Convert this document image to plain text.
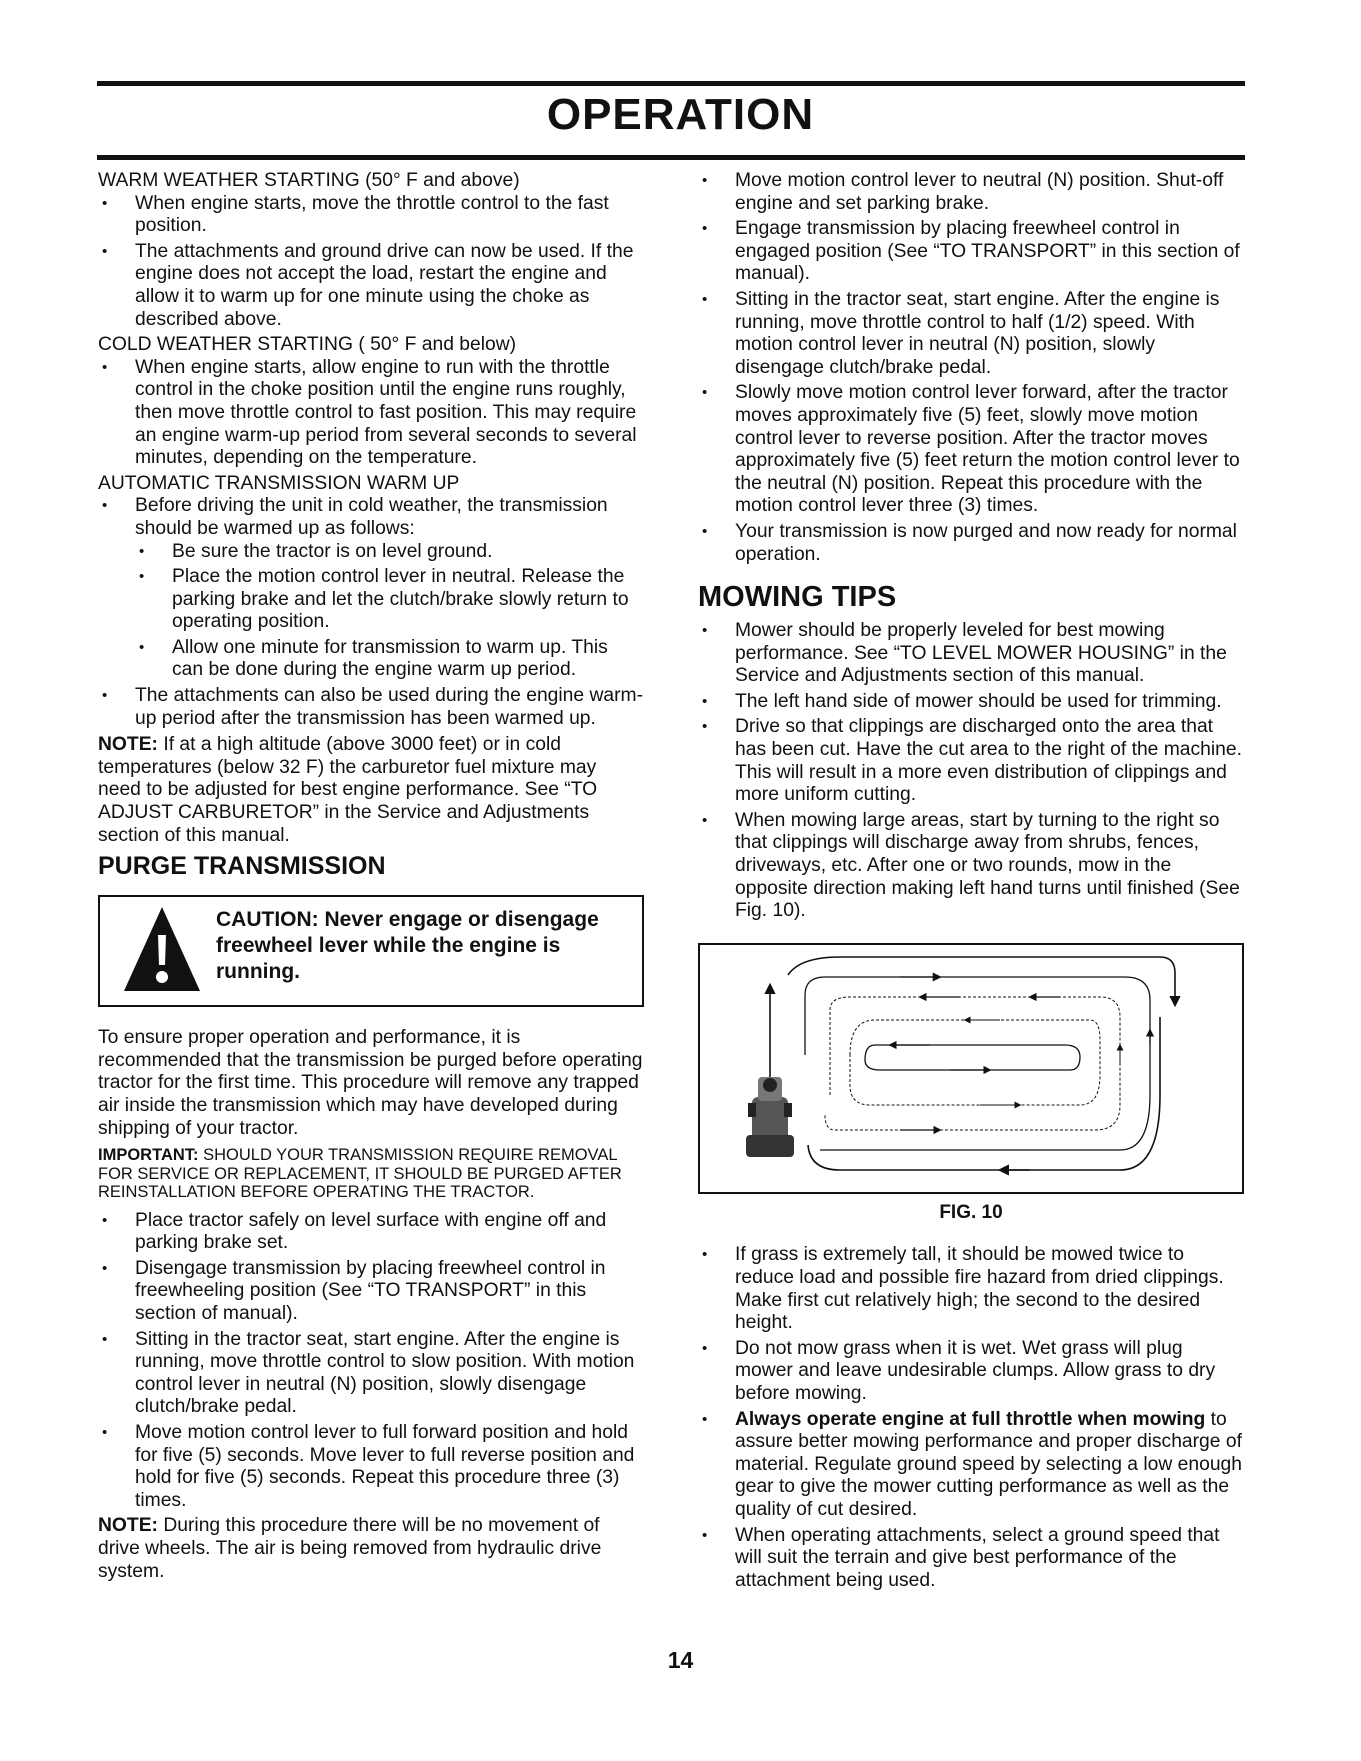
OPERATION

WARM WEATHER STARTING (50° F and above)

• When engine starts, move the throttle control to the fast position.
• The attachments and ground drive can now be used. If the engine does not accept the load, restart the engine and allow it to warm up for one minute using the choke as described above.

COLD WEATHER STARTING ( 50° F and below)

• When engine starts, allow engine to run with the throttle control in the choke position until the engine runs roughly, then move throttle control to fast position. This may require an engine warm-up period from several seconds to several minutes, depending on the temperature.

AUTOMATIC TRANSMISSION WARM UP

• Before driving the unit in cold weather, the transmission should be warmed up as follows:
• Be sure the tractor is on level ground.
• Place the motion control lever in neutral. Release the parking brake and let the clutch/brake slowly return to operating position.
• Allow one minute for transmission to warm up. This can be done during the engine warm up period.
• The attachments can also be used during the engine warm-up period after the transmission has been warmed up.

NOTE: If at a high altitude (above 3000 feet) or in cold temperatures (below 32 F) the carburetor fuel mixture may need to be adjusted for best engine performance. See “TO ADJUST CARBURETOR” in the Service and Adjustments section of this manual.

PURGE TRANSMISSION
CAUTION: Never engage or disengage freewheel lever while the engine is running.

To ensure proper operation and performance, it is recommended that the transmission be purged before operating tractor for the first time. This procedure will remove any trapped air inside the transmission which may have developed during shipping of your tractor.

IMPORTANT: SHOULD YOUR TRANSMISSION REQUIRE REMOVAL FOR SERVICE OR REPLACEMENT, IT SHOULD BE PURGED AFTER REINSTALLATION BEFORE OPERATING THE TRACTOR.

• Place tractor safely on level surface with engine off and parking brake set.
• Disengage transmission by placing freewheel control in freewheeling position (See “TO TRANSPORT” in this section of manual).
• Sitting in the tractor seat, start engine. After the engine is running, move throttle control to slow position. With motion control lever in neutral (N) position, slowly disengage clutch/brake pedal.
• Move motion control lever to full forward position and hold for five (5) seconds. Move lever to full reverse position and hold for five (5) seconds. Repeat this procedure three (3) times.

NOTE: During this procedure there will be no movement of drive wheels. The air is being removed from hydraulic drive system.

• Move motion control lever to neutral (N) position. Shut-off engine and set parking brake.
• Engage transmission by placing freewheel control in engaged position (See “TO TRANSPORT” in this section of manual).
• Sitting in the tractor seat, start engine. After the engine is running, move throttle control to half (1/2) speed. With motion control lever in neutral (N) position, slowly disengage clutch/brake pedal.
• Slowly move motion control lever forward, after the tractor moves approximately five (5) feet, slowly move motion control lever to reverse position. After the tractor moves approximately five (5) feet return the motion control lever to the neutral (N) position. Repeat this procedure with the motion control lever three (3) times.
• Your transmission is now purged and now ready for normal operation.
MOWING TIPS
• Mower should be properly leveled for best mowing performance. See “TO LEVEL MOWER HOUSING” in the Service and Adjustments section of this manual.
• The left hand side of mower should be used for trimming.
• Drive so that clippings are discharged onto the area that has been cut. Have the cut area to the right of the machine. This will result in a more even distribution of clippings and more uniform cutting.
• When mowing large areas, start by turning to the right so that clippings will discharge away from shrubs, fences, driveways, etc. After one or two rounds, mow in the opposite direction making left hand turns until finished (See Fig. 10).
FIG. 10
• If grass is extremely tall, it should be mowed twice to reduce load and possible fire hazard from dried clippings. Make first cut relatively high; the second to the desired height.
• Do not mow grass when it is wet. Wet grass will plug mower and leave undesirable clumps. Allow grass to dry before mowing.
• Always operate engine at full throttle when mowing to assure better mowing performance and proper discharge of material. Regulate ground speed by selecting a low enough gear to give the mower cutting performance as well as the quality of cut desired.
• When operating attachments, select a ground speed that will suit the terrain and give best performance of the attachment being used.
14
